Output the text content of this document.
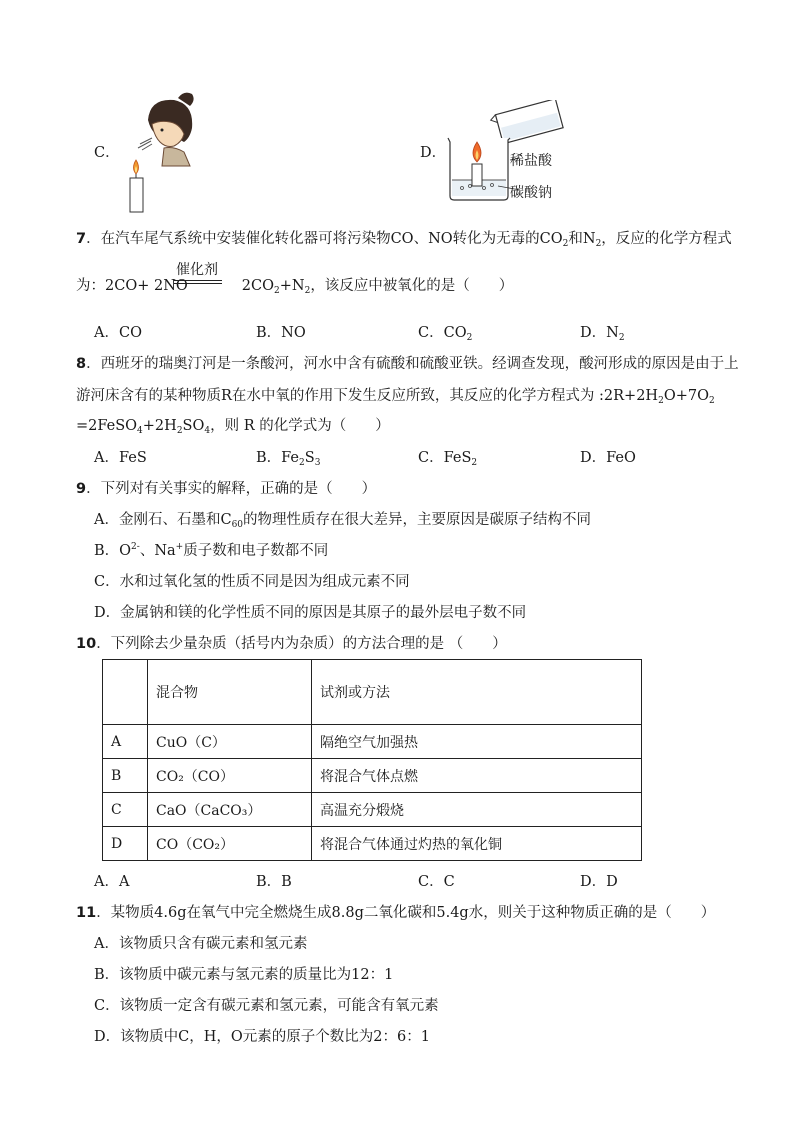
C．	D．	稀盐酸
碳酸钠
7．在汽车尾气系统中安装催化转化器可将污染物CO、NO转化为无毒的$CO_2$和$N_2$，反应的化学方程式
为：2CO+ 2NO	$2CO_2+N_2$，该反应中被氧化的是（　　）
催化剂
A．CO	B．NO	C．$CO_2$	D．$N_2$
8．西班牙的瑞奥汀河是一条酸河，河水中含有硫酸和硫酸亚铁。经调查发现，酸河形成的原因是由于上
游河床含有的某种物质R在水中氧的作用下发生反应所致，其反应的化学方程式为 $:2R+2H_2O+7O_2$
$=2FeSO_4+2H_2SO_4$，则 R 的化学式为（　　）
A．FeS	B．$Fe_2S_3$	C．FeS$_2$	D．FeO
9．下列对有关事实的解释，正确的是（　　）
A．金刚石、石墨和$C_{60}$的物理性质存在很大差异，主要原因是碳原子结构不同
B．$O^{2-}$、Na+质子数和电子数都不同
C．水和过氧化氢的性质不同是因为组成元素不同
D．金属钠和镁的化学性质不同的原因是其原子的最外层电子数不同
10．下列除去少量杂质（括号内为杂质）的方法合理的是 （　　）
	混合物	试剂或方法
A	CuO（C）	隔绝空气加强热
B	CO₂（CO）	将混合气体点燃
C	CaO（CaCO₃）	高温充分煅烧
D	CO（CO₂）	将混合气体通过灼热的氧化铜
A．A	B．B	C．C	D．D
11．某物质4.6g在氧气中完全燃烧生成8.8g二氧化碳和5.4g水，则关于这种物质正确的是（　　）
A．该物质只含有碳元素和氢元素
B．该物质中碳元素与氢元素的质量比为12：1
C．该物质一定含有碳元素和氢元素，可能含有氧元素
D．该物质中C，H，O元素的原子个数比为2：6：1
